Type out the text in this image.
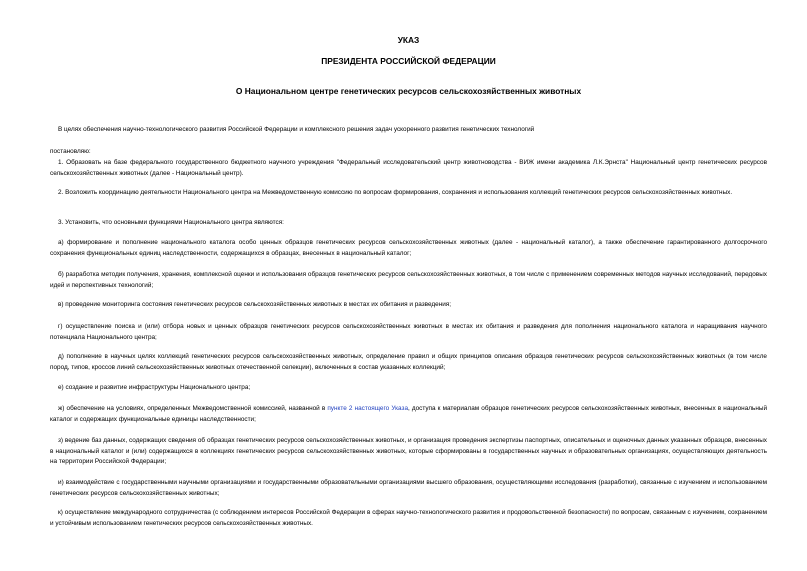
УКАЗ
ПРЕЗИДЕНТА РОССИЙСКОЙ ФЕДЕРАЦИИ
О Национальном центре генетических ресурсов сельскохозяйственных животных

В целях обеспечения научно-технологического развития Российской Федерации и комплексного решения задач ускоренного развития генетических технологий

постановляю:

1. Образовать на базе федерального государственного бюджетного научного учреждения "Федеральный исследовательский центр животноводства - ВИЖ имени академика Л.К.Эрнста" Национальный центр генетических ресурсов сельскохозяйственных животных (далее - Национальный центр).

2. Возложить координацию деятельности Национального центра на Межведомственную комиссию по вопросам формирования, сохранения и использования коллекций генетических ресурсов сельскохозяйственных животных.

3. Установить, что основными функциями Национального центра являются:

а) формирование и пополнение национального каталога особо ценных образцов генетических ресурсов сельскохозяйственных животных (далее - национальный каталог), а также обеспечение гарантированного долгосрочного сохранения функциональных единиц наследственности, содержащихся в образцах, внесенных в национальный каталог;

б) разработка методик получения, хранения, комплексной оценки и использования образцов генетических ресурсов сельскохозяйственных животных, в том числе с применением современных методов научных исследований, передовых идей и перспективных технологий;

в) проведение мониторинга состояния генетических ресурсов сельскохозяйственных животных в местах их обитания и разведения;

г) осуществление поиска и (или) отбора новых и ценных образцов генетических ресурсов сельскохозяйственных животных в местах их обитания и разведения для пополнения национального каталога и наращивания научного потенциала Национального центра;

д) пополнение в научных целях коллекций генетических ресурсов сельскохозяйственных животных, определение правил и общих принципов описания образцов генетических ресурсов сельскохозяйственных животных (в том числе пород, типов, кроссов линий сельскохозяйственных животных отечественной селекции), включенных в состав указанных коллекций;

е) создание и развитие инфраструктуры Национального центра;

ж) обеспечение на условиях, определенных Межведомственной комиссией, названной в пункте 2 настоящего Указа, доступа к материалам образцов генетических ресурсов сельскохозяйственных животных, внесенных в национальный каталог и содержащих функциональные единицы наследственности;

з) ведение баз данных, содержащих сведения об образцах генетических ресурсов сельскохозяйственных животных, и организация проведения экспертизы паспортных, описательных и оценочных данных указанных образцов, внесенных в национальный каталог и (или) содержащихся в коллекциях генетических ресурсов сельскохозяйственных животных, которые сформированы в государственных научных и образовательных организациях, осуществляющих деятельность на территории Российской Федерации;

и) взаимодействие с государственными научными организациями и государственными образовательными организациями высшего образования, осуществляющими исследования (разработки), связанные с изучением и использованием генетических ресурсов сельскохозяйственных животных;

к) осуществление международного сотрудничества (с соблюдением интересов Российской Федерации в сферах научно-технологического развития и продовольственной безопасности) по вопросам, связанным с изучением, сохранением и устойчивым использованием генетических ресурсов сельскохозяйственных животных.
